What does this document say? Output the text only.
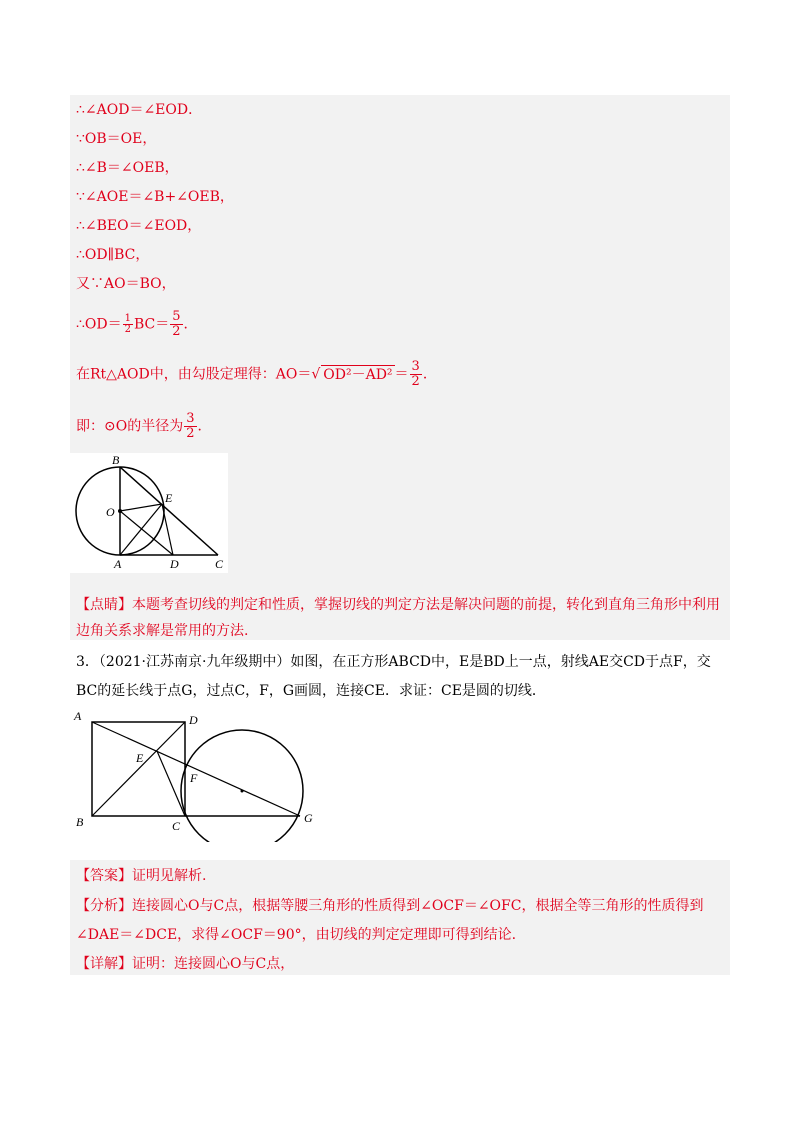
∴∠AOD＝∠EOD．
∵OB＝OE，
∴∠B＝∠OEB，
∵∠AOE＝∠B+∠OEB，
∴∠BEO＝∠EOD，
∴OD∥BC，
又∵AO＝BO，
∴OD＝ $\frac{1}{2} BC= \frac{5}{2}$ ．
在Rt△AOD中，由勾股定理得：AO＝√ $OD^2-AD^2 = \frac{3}{2}$ ．
即：⊙O的半径为 $\frac{3}{2}$ ．
B
E
O
A	D	C
【点睛】本题考查切线的判定和性质，掌握切线的判定方法是解决问题的前提，转化到直角三角形中利用
边角关系求解是常用的方法.
3．（2021·江苏南京·九年级期中）如图，在正方形ABCD中，E是BD上一点，射线AE交CD于点F，交
BC的延长线于点G，过点C，F，G画圆，连接CE．求证：CE是圆的切线．
A	D
E
F
B	C
G
【答案】证明见解析.
【分析】连接圆心O与C点，根据等腰三角形的性质得到∠OCF＝∠OFC，根据全等三角形的性质得到
∠DAE＝∠DCE，求得∠OCF＝90°，由切线的判定定理即可得到结论.
【详解】证明：连接圆心O与C点，
